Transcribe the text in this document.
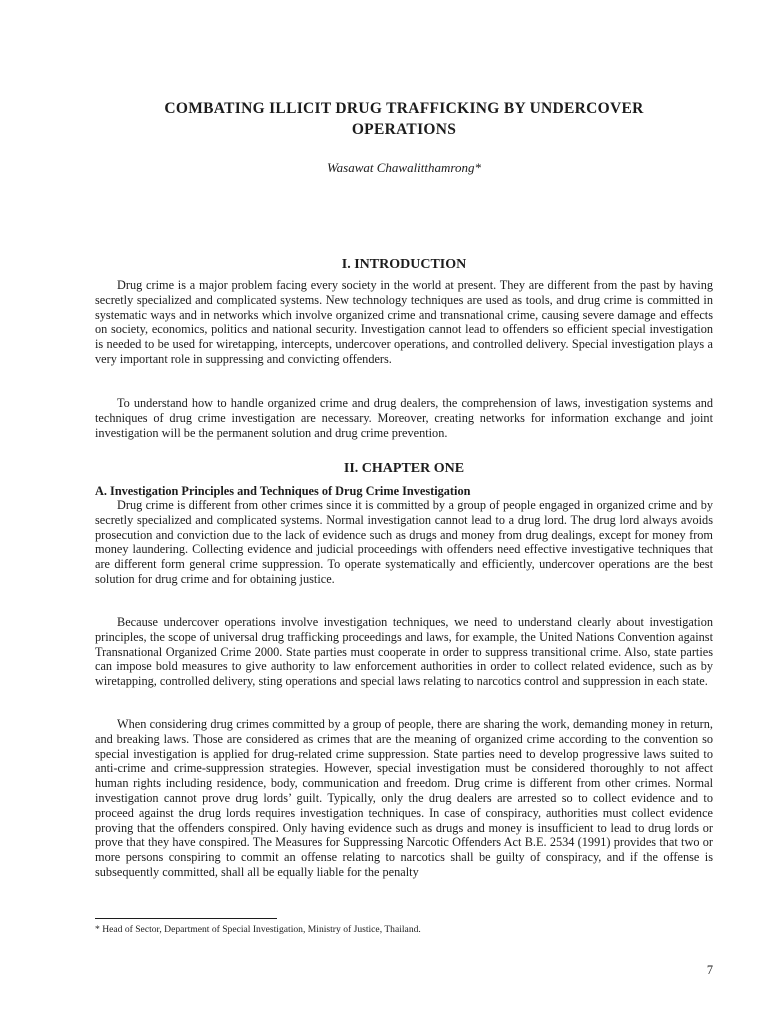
COMBATING ILLICIT DRUG TRAFFICKING BY UNDERCOVER
OPERATIONS
Wasawat Chawalitthamrong*
I. INTRODUCTION

Drug crime is a major problem facing every society in the world at present. They are different from the past by having secretly specialized and complicated systems. New technology techniques are used as tools, and drug crime is committed in systematic ways and in networks which involve organized crime and transnational crime, causing severe damage and effects on society, economics, politics and national security. Investigation cannot lead to offenders so efficient special investigation is needed to be used for wiretapping, intercepts, undercover operations, and controlled delivery. Special investigation plays a very important role in suppressing and convicting offenders.

To understand how to handle organized crime and drug dealers, the comprehension of laws, investigation systems and techniques of drug crime investigation are necessary. Moreover, creating networks for information exchange and joint investigation will be the permanent solution and drug crime prevention.

II. CHAPTER ONE

A. Investigation Principles and Techniques of Drug Crime Investigation

Drug crime is different from other crimes since it is committed by a group of people engaged in organized crime and by secretly specialized and complicated systems. Normal investigation cannot lead to a drug lord. The drug lord always avoids prosecution and conviction due to the lack of evidence such as drugs and money from drug dealings, except for money from money laundering. Collecting evidence and judicial proceedings with offenders need effective investigative techniques that are different form general crime suppression. To operate systematically and efficiently, undercover operations are the best solution for drug crime and for obtaining justice.

Because undercover operations involve investigation techniques, we need to understand clearly about investigation principles, the scope of universal drug trafficking proceedings and laws, for example, the United Nations Convention against Transnational Organized Crime 2000. State parties must cooperate in order to suppress transitional crime. Also, state parties can impose bold measures to give authority to law enforcement authorities in order to collect related evidence, such as by wiretapping, controlled delivery, sting operations and special laws relating to narcotics control and suppression in each state.

When considering drug crimes committed by a group of people, there are sharing the work, demanding money in return, and breaking laws. Those are considered as crimes that are the meaning of organized crime according to the convention so special investigation is applied for drug-related crime suppression. State parties need to develop progressive laws suited to anti-crime and crime-suppression strategies. However, special investigation must be considered thoroughly to not affect human rights including residence, body, communication and freedom. Drug crime is different from other crimes. Normal investigation cannot prove drug lords’ guilt. Typically, only the drug dealers are arrested so to collect evidence and to proceed against the drug lords requires investigation techniques. In case of conspiracy, authorities must collect evidence proving that the offenders conspired. Only having evidence such as drugs and money is insufficient to lead to drug lords or prove that they have conspired. The Measures for Suppressing Narcotic Offenders Act B.E. 2534 (1991) provides that two or more persons conspiring to commit an offense relating to narcotics shall be guilty of conspiracy, and if the offense is subsequently committed, shall all be equally liable for the penalty

* Head of Sector, Department of Special Investigation, Ministry of Justice, Thailand.
7
